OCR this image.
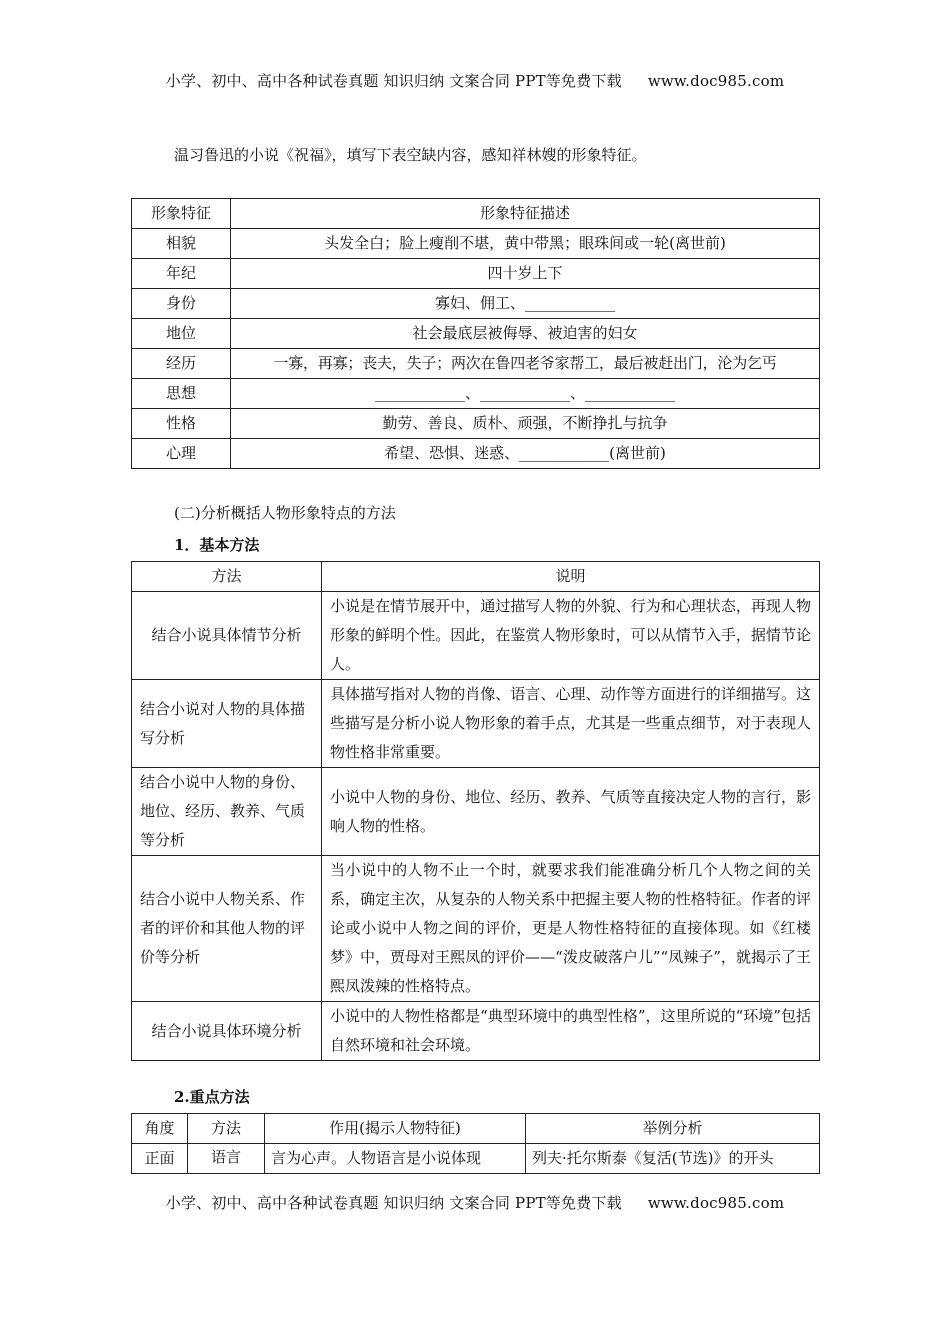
小学、初中、高中各种试卷真题 知识归纳 文案合同 PPT等免费下载 www.doc985.com
温习鲁迅的小说《祝福》，填写下表空缺内容，感知祥林嫂的形象特征。
形象特征	形象特征描述
相貌	头发全白；脸上瘦削不堪，黄中带黑；眼珠间或一轮(离世前)
年纪	四十岁上下
身份	寡妇、佣工、____________
地位	社会最底层被侮辱、被迫害的妇女
经历	一寡，再寡；丧夫，失子；两次在鲁四老爷家帮工，最后被赶出门，沦为乞丐
思想	____________、____________、____________
性格	勤劳、善良、质朴、顽强，不断挣扎与抗争
心理	希望、恐惧、迷惑、____________(离世前)
(二)分析概括人物形象特点的方法
1．基本方法
方法	说明
结合小说具体情节分析	小说是在情节展开中，通过描写人物的外貌、行为和心理状态，再现人物形象的鲜明个性。因此，在鉴赏人物形象时，可以从情节入手，据情节论人。
结合小说对人物的具体描写分析	具体描写指对人物的肖像、语言、心理、动作等方面进行的详细描写。这些描写是分析小说人物形象的着手点，尤其是一些重点细节，对于表现人物性格非常重要。
结合小说中人物的身份、地位、经历、教养、气质等分析	小说中人物的身份、地位、经历、教养、气质等直接决定人物的言行，影响人物的性格。
结合小说中人物关系、作者的评价和其他人物的评价等分析	当小说中的人物不止一个时，就要求我们能准确分析几个人物之间的关系，确定主次，从复杂的人物关系中把握主要人物的性格特征。作者的评论或小说中人物之间的评价，更是人物性格特征的直接体现。如《红楼梦》中，贾母对王熙凤的评价——“泼皮破落户儿”“凤辣子”，就揭示了王熙凤泼辣的性格特点。
结合小说具体环境分析	小说中的人物性格都是“典型环境中的典型性格”，这里所说的“环境”包括自然环境和社会环境。
2.重点方法
角度	方法	作用(揭示人物特征)	举例分析
正面	语言	言为心声。人物语言是小说体现	列夫·托尔斯泰《复活(节选)》的开头
小学、初中、高中各种试卷真题 知识归纳 文案合同 PPT等免费下载 www.doc985.com
